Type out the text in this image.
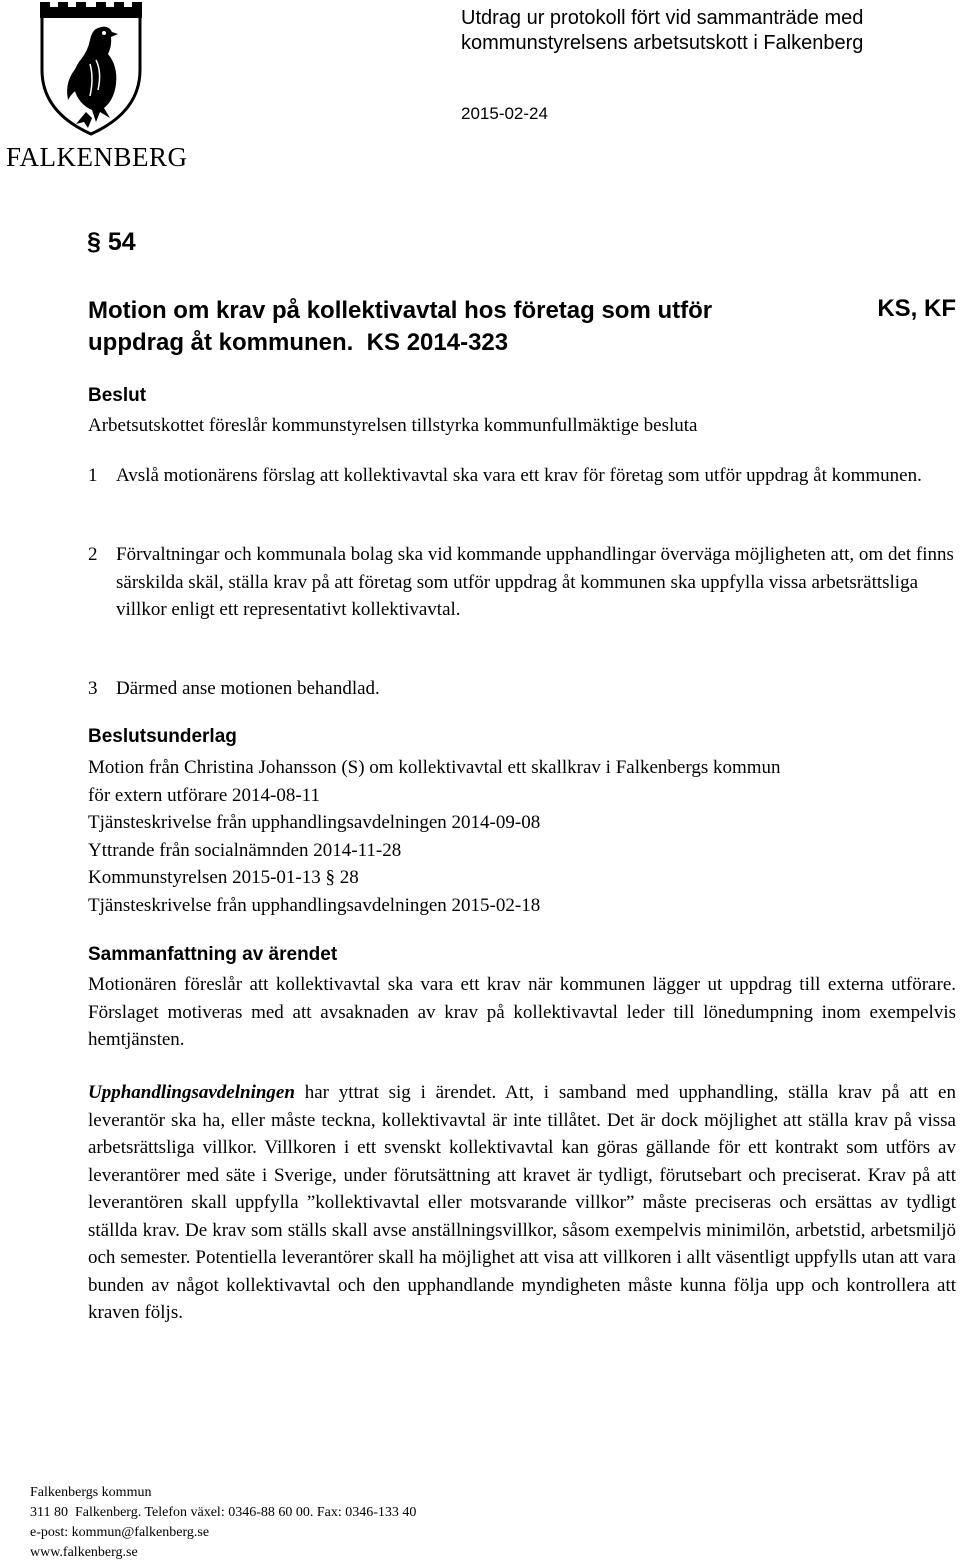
FALKENBERG
Utdrag ur protokoll fört vid sammanträde med
kommunstyrelsens arbetsutskott i Falkenberg
2015-02-24
§ 54
Motion om krav på kollektivavtal hos företag som utför
uppdrag åt kommunen.  KS 2014-323
KS, KF
Beslut
Arbetsutskottet föreslår kommunstyrelsen tillstyrka kommunfullmäktige besluta
1 Avslå motionärens förslag att kollektivavtal ska vara ett krav för företag som utför uppdrag åt kommunen.
2 Förvaltningar och kommunala bolag ska vid kommande upphandlingar överväga möjligheten att, om det finns särskilda skäl, ställa krav på att företag som utför uppdrag åt kommunen ska uppfylla vissa arbetsrättsliga villkor enligt ett representativt kollektivavtal.
3 Därmed anse motionen behandlad.
Beslutsunderlag
Motion från Christina Johansson (S) om kollektivavtal ett skallkrav i Falkenbergs kommun
för extern utförare 2014-08-11
Tjänsteskrivelse från upphandlingsavdelningen 2014-09-08
Yttrande från socialnämnden 2014-11-28
Kommunstyrelsen 2015-01-13 § 28
Tjänsteskrivelse från upphandlingsavdelningen 2015-02-18
Sammanfattning av ärendet
Motionären föreslår att kollektivavtal ska vara ett krav när kommunen lägger ut uppdrag till externa utförare. Förslaget motiveras med att avsaknaden av krav på kollektivavtal leder till lönedumpning inom exempelvis hemtjänsten.
Upphandlingsavdelningen har yttrat sig i ärendet. Att, i samband med upphandling, ställa krav på att en leverantör ska ha, eller måste teckna, kollektivavtal är inte tillåtet. Det är dock möjlighet att ställa krav på vissa arbetsrättsliga villkor. Villkoren i ett svenskt kollektivavtal kan göras gällande för ett kontrakt som utförs av leverantörer med säte i Sverige, under förutsättning att kravet är tydligt, förutsebart och preciserat. Krav på att leverantören skall uppfylla ”kollektivavtal eller motsvarande villkor” måste preciseras och ersättas av tydligt ställda krav. De krav som ställs skall avse anställningsvillkor, såsom exempelvis minimilön, arbetstid, arbetsmiljö och semester. Potentiella leverantörer skall ha möjlighet att visa att villkoren i allt väsentligt uppfylls utan att vara bunden av något kollektivavtal och den upphandlande myndigheten måste kunna följa upp och kontrollera att kraven följs.
Falkenbergs kommun
311 80  Falkenberg. Telefon växel: 0346-88 60 00. Fax: 0346-133 40
e-post: kommun@falkenberg.se
www.falkenberg.se
